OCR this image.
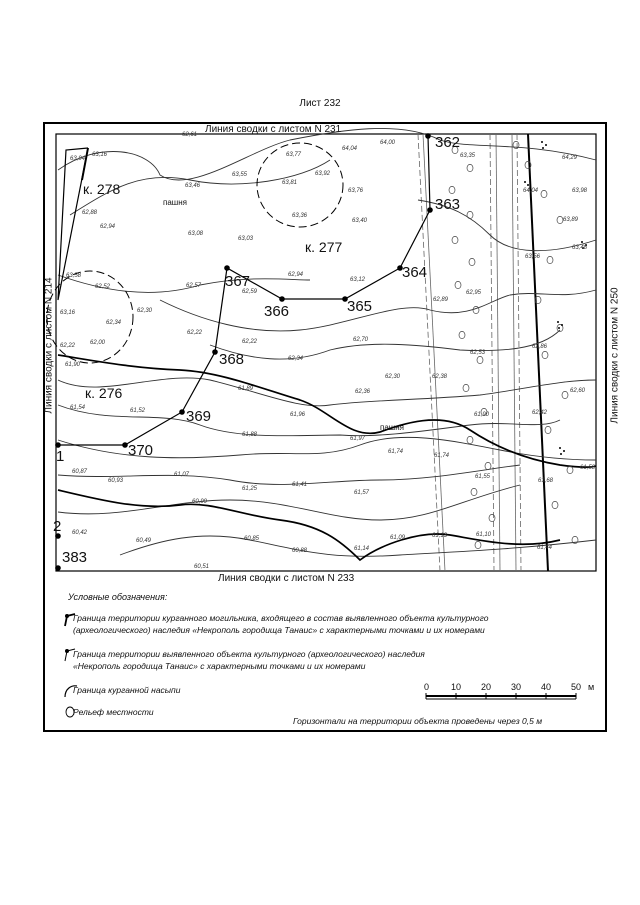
Лист 232
Линия сводки с листом N 231
Линия сводки с листом N 233
Линия сводки с листом N 214	Линия сводки с листом N 250
к. 278
к. 277
к. 276
пашня
пашня
362
363
364
365
366
367
368
369
370
1
2
383
63,16
62,61
63,77
64,04
64,00
63,35	64,29
63,94
63,46
63,55
63,81
63,92
63,76	64,04	63,98
62,88	63,36
63,40
62,94
63,08
63,03
62,94
63,12
63,89
63,56
63,48
63,58
62,52	62,57
62,59
62,89
62,95
63,16
62,22
62,30
62,34
62,22
62,22	62,70
62,53
62,86
61,90
62,00
61,89	62,36
62,30	62,38
62,34
62,60
61,54	61,52
61,88
61,96
61,97
61,74
61,74
61,90	62,42
60,87
60,93
61,07
61,25
61,41
61,57
61,55
61,68
61,58
60,99
60,42
60,49	60,85
60,88	61,14
61,09	61,13	61,10
61,44
60,51
Условные обозначения:
Граница территории курганного могильника, входящего в состав выявленного объекта культурного
(археологического) наследия «Некрополь городища Танаис» с характерными точками и их номерами
Граница территории выявленного объекта культурного (археологического) наследия
«Некрополь городища Танаис» с характерными точками и их номерами
Граница курганной насыпи
Рельеф местности
0 10 20 30 40 50 м
Горизонтали на территории объекта проведены через 0,5 м
